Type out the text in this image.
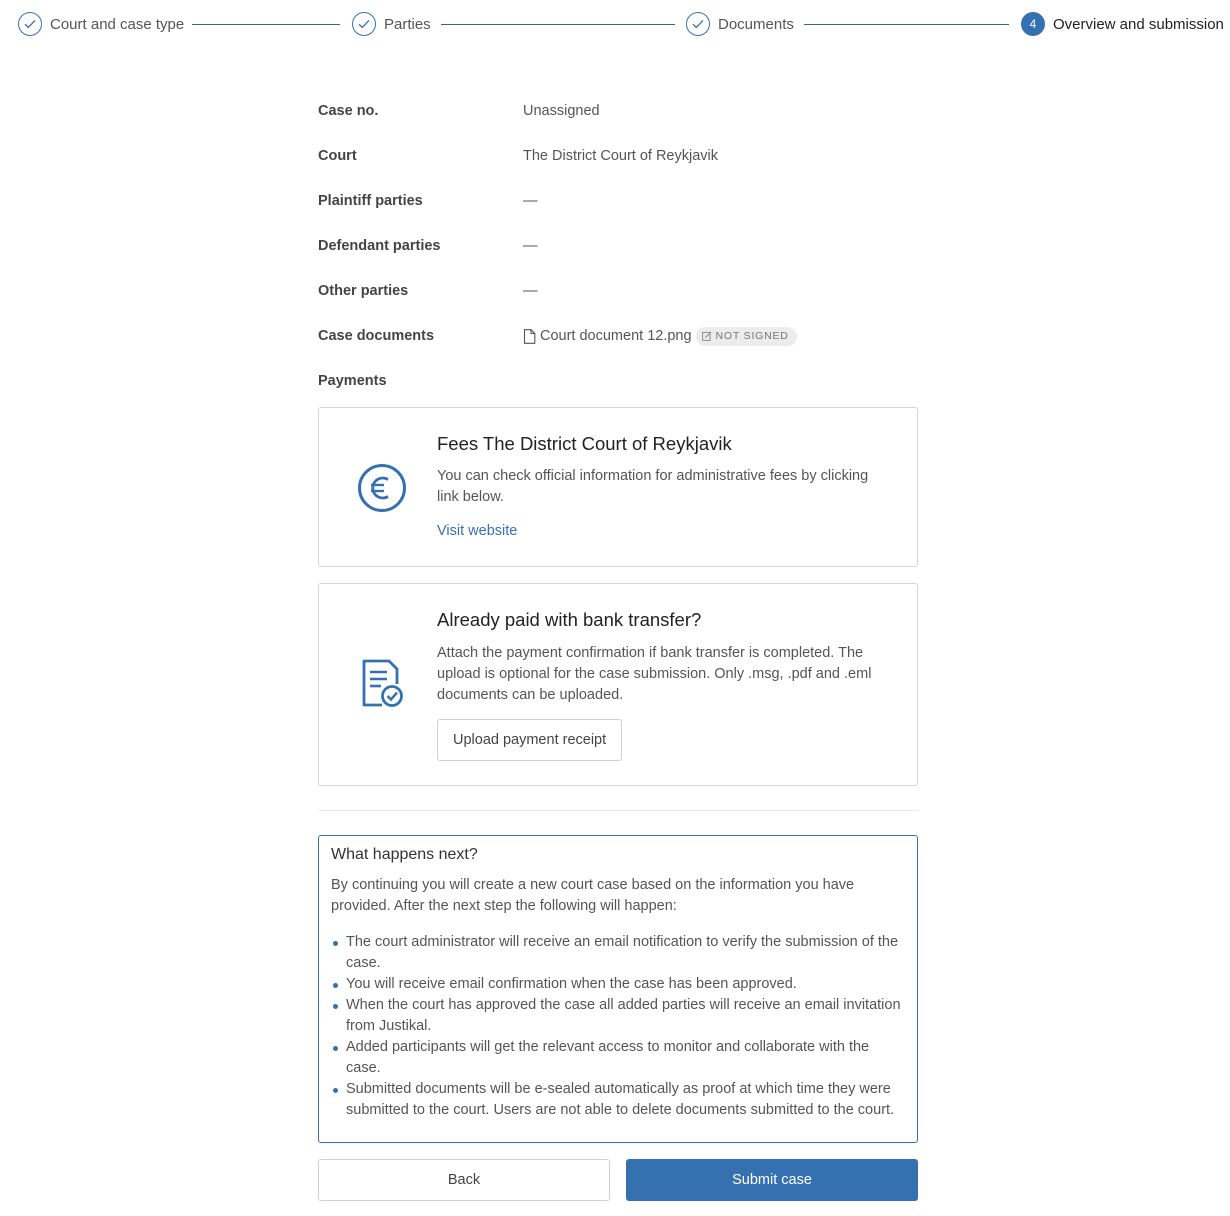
Court and case type	Parties	Documents	4	Overview and submission
Case no.	Unassigned
Court	The District Court of Reykjavik
Plaintiff parties	—
Defendant parties	—
Other parties	—
Case documents	Court document 12.png NOT SIGNED
Payments
Fees The District Court of Reykjavik

You can check official information for administrative fees by clicking link below.

Visit website
Already paid with bank transfer?

Attach the payment confirmation if bank transfer is completed. The upload is optional for the case submission. Only .msg, .pdf and .eml documents can be uploaded.

Upload payment receipt
What happens next?

By continuing you will create a new court case based on the information you have provided. After the next step the following will happen:

The court administrator will receive an email notification to verify the submission of the case.
You will receive email confirmation when the case has been approved.
When the court has approved the case all added parties will receive an email invitation from Justikal.
Added participants will get the relevant access to monitor and collaborate with the case.
Submitted documents will be e-sealed automatically as proof at which time they were submitted to the court. Users are not able to delete documents submitted to the court.
Back	Submit case
